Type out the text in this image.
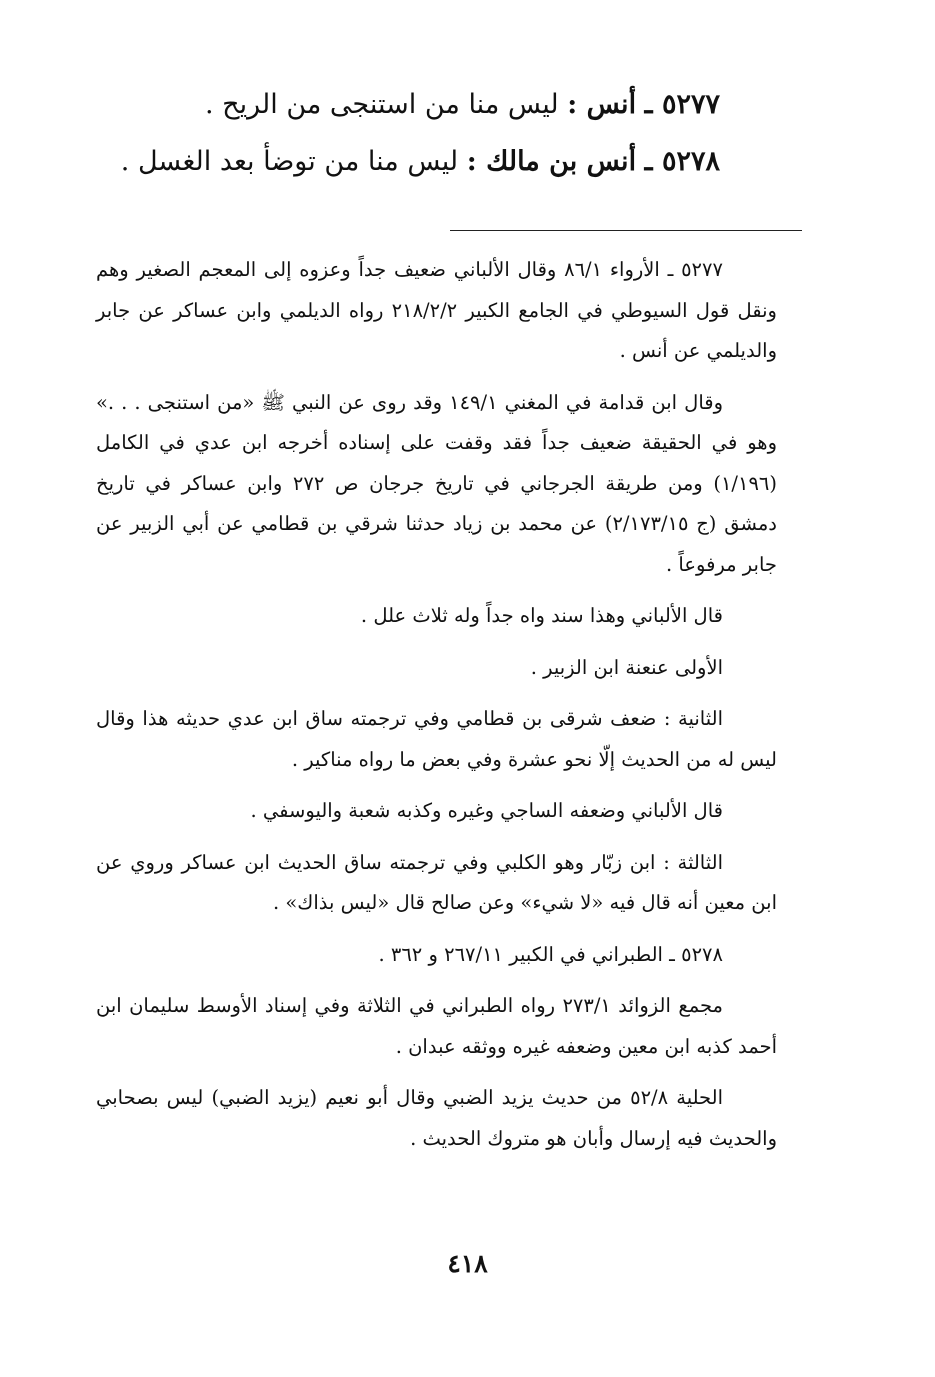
٥٢٧٧ ـ أنس : ليس منا من استنجى من الريح .
٥٢٧٨ ـ أنس بن مالك : ليس منا من توضأ بعد الغسل .

٥٢٧٧ ـ الأرواء ٨٦/١ وقال الألباني ضعيف جداً وعزوه إلى المعجم الصغير وهم ونقل قول السيوطي في الجامع الكبير ٢١٨/٢/٢ رواه الديلمي وابن عساكر عن جابر والديلمي عن أنس .

وقال ابن قدامة في المغني ١٤٩/١ وقد روى عن النبي ﷺ «من استنجى . . .» وهو في الحقيقة ضعيف جداً فقد وقفت على إسناده أخرجه ابن عدي في الكامل (١/١٩٦) ومن طريقة الجرجاني في تاريخ جرجان ص ٢٧٢ وابن عساكر في تاريخ دمشق (ج ٢/١٧٣/١٥) عن محمد بن زياد حدثنا شرقي بن قطامي عن أبي الزبير عن جابر مرفوعاً .

قال الألباني وهذا سند واه جداً وله ثلاث علل .

الأولى عنعنة ابن الزبير .

الثانية : ضعف شرقى بن قطامي وفي ترجمته ساق ابن عدي حديثه هذا وقال ليس له من الحديث إلّا نحو عشرة وفي بعض ما رواه مناكير .

قال الألباني وضعفه الساجي وغيره وكذبه شعبة واليوسفي .

الثالثة : ابن زبّار وهو الكلبي وفي ترجمته ساق الحديث ابن عساكر وروي عن ابن معين أنه قال فيه «لا شيء» وعن صالح قال «ليس بذاك» .

٥٢٧٨ ـ الطبراني في الكبير ٢٦٧/١١ و ٣٦٢ .

مجمع الزوائد ٢٧٣/١ رواه الطبراني في الثلاثة وفي إسناد الأوسط سليمان ابن أحمد كذبه ابن معين وضعفه غيره ووثقه عبدان .

الحلية ٥٢/٨ من حديث يزيد الضبي وقال أبو نعيم (يزيد الضبي) ليس بصحابي والحديث فيه إرسال وأبان هو متروك الحديث .

٤١٨
